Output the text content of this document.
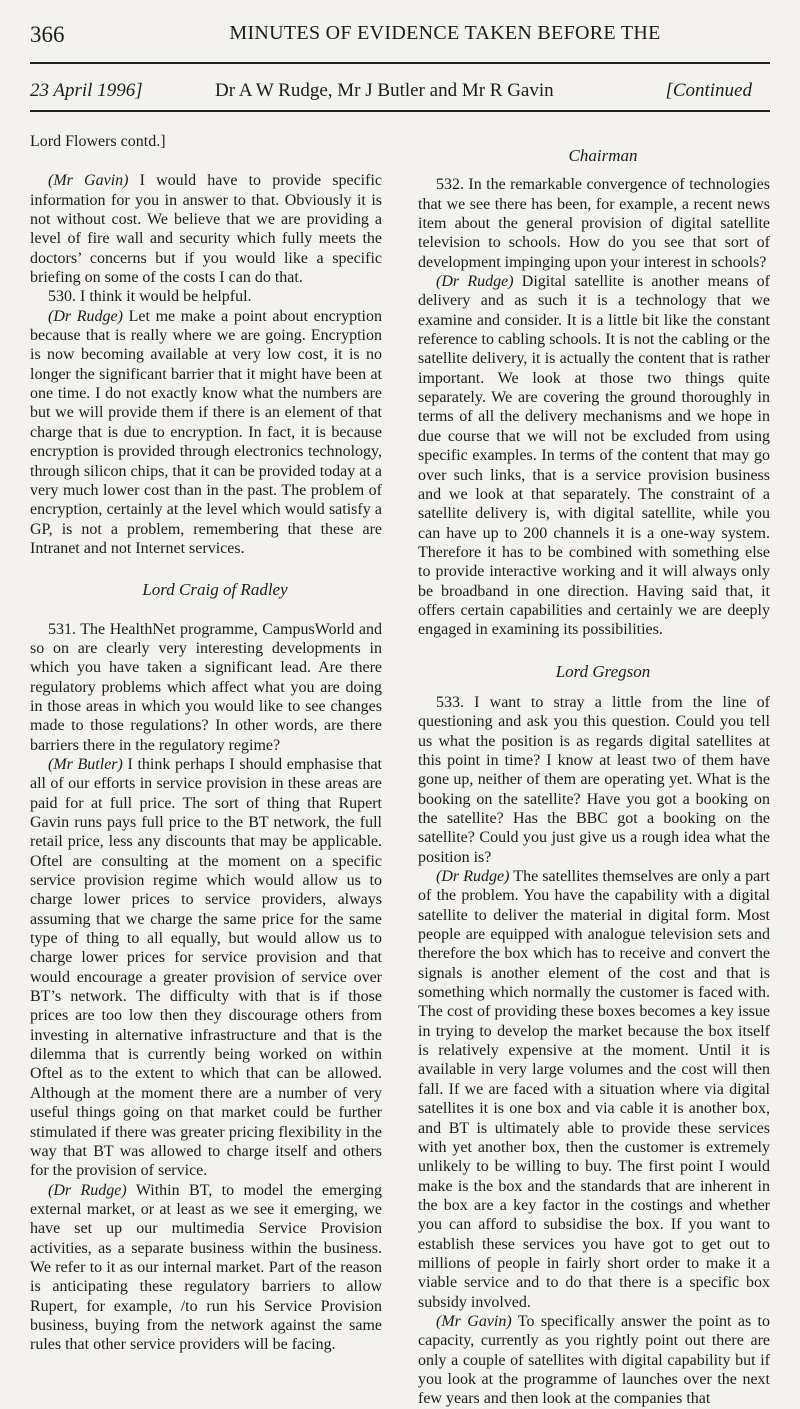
366	MINUTES OF EVIDENCE TAKEN BEFORE THE
23 April 1996]	Dr A W Rudge, Mr J Butler and Mr R Gavin	[Continued

Lord Flowers contd.]

(Mr Gavin) I would have to provide specific information for you in answer to that. Obviously it is not without cost. We believe that we are providing a level of fire wall and security which fully meets the doctors’ concerns but if you would like a specific briefing on some of the costs I can do that.

530. I think it would be helpful.

(Dr Rudge) Let me make a point about encryption because that is really where we are going. Encryption is now becoming available at very low cost, it is no longer the significant barrier that it might have been at one time. I do not exactly know what the numbers are but we will provide them if there is an element of that charge that is due to encryption. In fact, it is because encryption is provided through electronics technology, through silicon chips, that it can be provided today at a very much lower cost than in the past. The problem of encryption, certainly at the level which would satisfy a GP, is not a problem, remembering that these are Intranet and not Internet services.

Lord Craig of Radley

531. The HealthNet programme, CampusWorld and so on are clearly very interesting developments in which you have taken a significant lead. Are there regulatory problems which affect what you are doing in those areas in which you would like to see changes made to those regulations? In other words, are there barriers there in the regulatory regime?

(Mr Butler) I think perhaps I should emphasise that all of our efforts in service provision in these areas are paid for at full price. The sort of thing that Rupert Gavin runs pays full price to the BT network, the full retail price, less any discounts that may be applicable. Oftel are consulting at the moment on a specific service provision regime which would allow us to charge lower prices to service providers, always assuming that we charge the same price for the same type of thing to all equally, but would allow us to charge lower prices for service provision and that would encourage a greater provision of service over BT’s network. The difficulty with that is if those prices are too low then they discourage others from investing in alternative infrastructure and that is the dilemma that is currently being worked on within Oftel as to the extent to which that can be allowed. Although at the moment there are a number of very useful things going on that market could be further stimulated if there was greater pricing flexibility in the way that BT was allowed to charge itself and others for the provision of service.

(Dr Rudge) Within BT, to model the emerging external market, or at least as we see it emerging, we have set up our multimedia Service Provision activities, as a separate business within the business. We refer to it as our internal market. Part of the reason is anticipating these regulatory barriers to allow Rupert, for example, /to run his Service Provision business, buying from the network against the same rules that other service providers will be facing.

Chairman

532. In the remarkable convergence of technologies that we see there has been, for example, a recent news item about the general provision of digital satellite television to schools. How do you see that sort of development impinging upon your interest in schools?

(Dr Rudge) Digital satellite is another means of delivery and as such it is a technology that we examine and consider. It is a little bit like the constant reference to cabling schools. It is not the cabling or the satellite delivery, it is actually the content that is rather important. We look at those two things quite separately. We are covering the ground thoroughly in terms of all the delivery mechanisms and we hope in due course that we will not be excluded from using specific examples. In terms of the content that may go over such links, that is a service provision business and we look at that separately. The constraint of a satellite delivery is, with digital satellite, while you can have up to 200 channels it is a one-way system. Therefore it has to be combined with something else to provide interactive working and it will always only be broadband in one direction. Having said that, it offers certain capabilities and certainly we are deeply engaged in examining its possibilities.

Lord Gregson

533. I want to stray a little from the line of questioning and ask you this question. Could you tell us what the position is as regards digital satellites at this point in time? I know at least two of them have gone up, neither of them are operating yet. What is the booking on the satellite? Have you got a booking on the satellite? Has the BBC got a booking on the satellite? Could you just give us a rough idea what the position is?

(Dr Rudge) The satellites themselves are only a part of the problem. You have the capability with a digital satellite to deliver the material in digital form. Most people are equipped with analogue television sets and therefore the box which has to receive and convert the signals is another element of the cost and that is something which normally the customer is faced with. The cost of providing these boxes becomes a key issue in trying to develop the market because the box itself is relatively expensive at the moment. Until it is available in very large volumes and the cost will then fall. If we are faced with a situation where via digital satellites it is one box and via cable it is another box, and BT is ultimately able to provide these services with yet another box, then the customer is extremely unlikely to be willing to buy. The first point I would make is the box and the standards that are inherent in the box are a key factor in the costings and whether you can afford to subsidise the box. If you want to establish these services you have got to get out to millions of people in fairly short order to make it a viable service and to do that there is a specific box subsidy involved.

(Mr Gavin) To specifically answer the point as to capacity, currently as you rightly point out there are only a couple of satellites with digital capability but if you look at the programme of launches over the next few years and then look at the companies that
